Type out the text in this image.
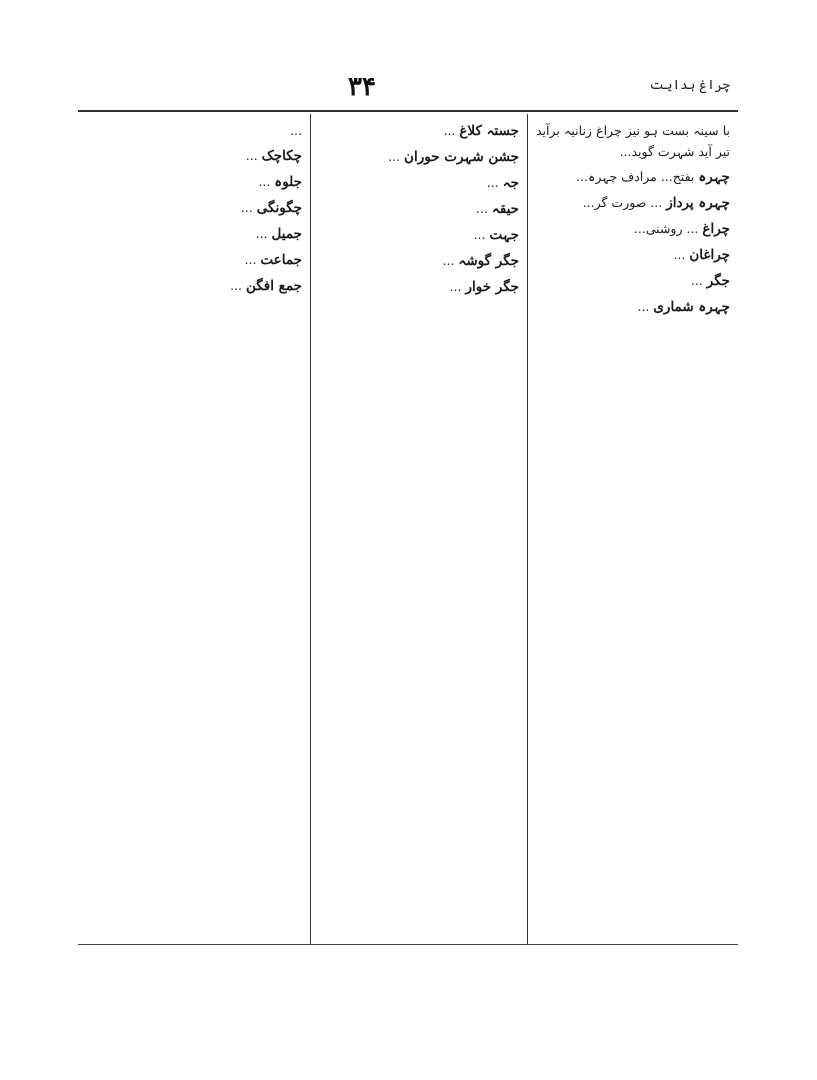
۳۴	چراغ ہدایت

با سینہ بست ہو نیز چراغ زنانیہ برآید تیر آید شہرت گوید...

چہرہ بفتح... مرادف چہرہ...

چہرہ پرداز ... صورت گر...

چراغ ... روشنی...

چراغان ...

جگر ...

چہرہ شماری ...

جستہ کلاغ ...

جشن شہرت حوران ...

جہ ...

حیقہ ...

جہت ...

جگر گوشہ ...

جگر خوار ...

...

چکاچک ...

جلوہ ...

چگونگی ...

جمیل ...

جماعت ...

جمع افگن ...
